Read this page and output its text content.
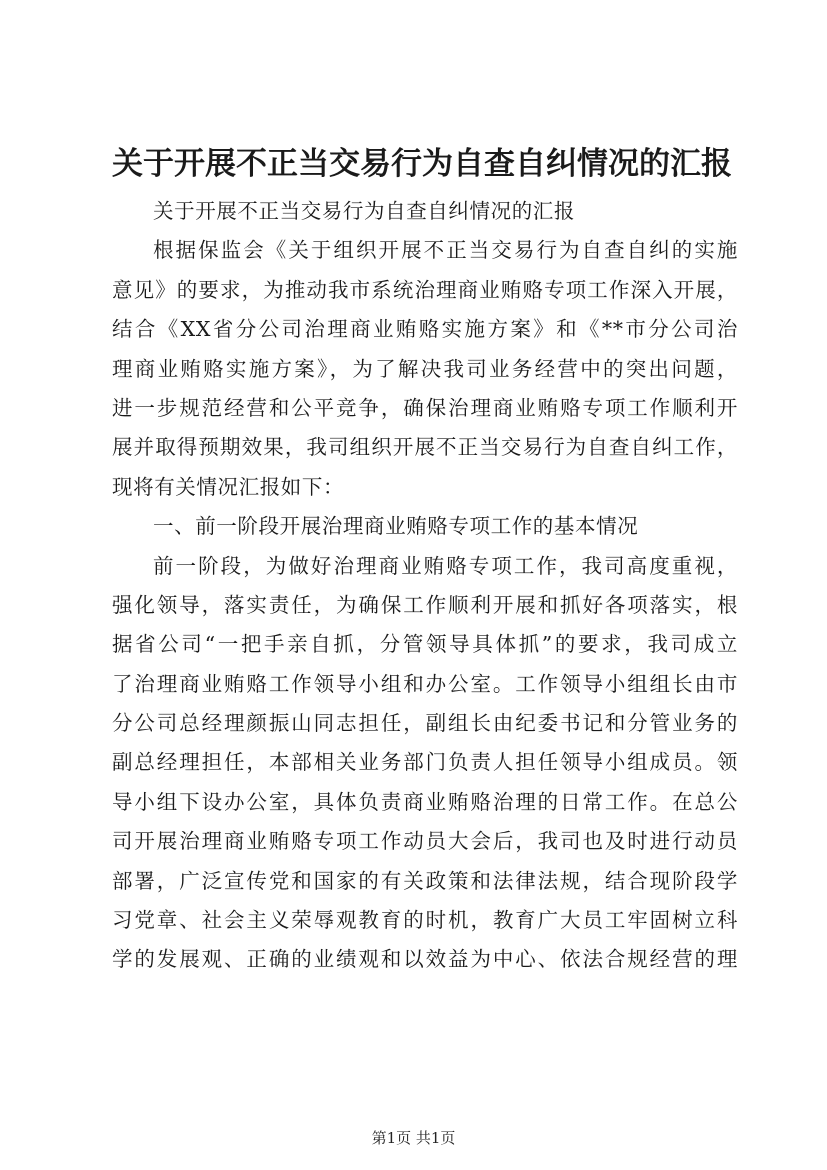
关于开展不正当交易行为自查自纠情况的汇报
关于开展不正当交易行为自查自纠情况的汇报
根据保监会《关于组织开展不正当交易行为自查自纠的实施
意见》的要求，为推动我市系统治理商业贿赂专项工作深入开展，
结合《XX省分公司治理商业贿赂实施方案》和《**市分公司治
理商业贿赂实施方案》，为了解决我司业务经营中的突出问题，
进一步规范经营和公平竞争，确保治理商业贿赂专项工作顺利开
展并取得预期效果，我司组织开展不正当交易行为自查自纠工作，
现将有关情况汇报如下：
一、前一阶段开展治理商业贿赂专项工作的基本情况
前一阶段，为做好治理商业贿赂专项工作，我司高度重视，
强化领导，落实责任，为确保工作顺利开展和抓好各项落实，根
据省公司“一把手亲自抓，分管领导具体抓”的要求，我司成立
了治理商业贿赂工作领导小组和办公室。工作领导小组组长由市
分公司总经理颜振山同志担任，副组长由纪委书记和分管业务的
副总经理担任，本部相关业务部门负责人担任领导小组成员。领
导小组下设办公室，具体负责商业贿赂治理的日常工作。在总公
司开展治理商业贿赂专项工作动员大会后，我司也及时进行动员
部署，广泛宣传党和国家的有关政策和法律法规，结合现阶段学
习党章、社会主义荣辱观教育的时机，教育广大员工牢固树立科
学的发展观、正确的业绩观和以效益为中心、依法合规经营的理
第1页 共1页
